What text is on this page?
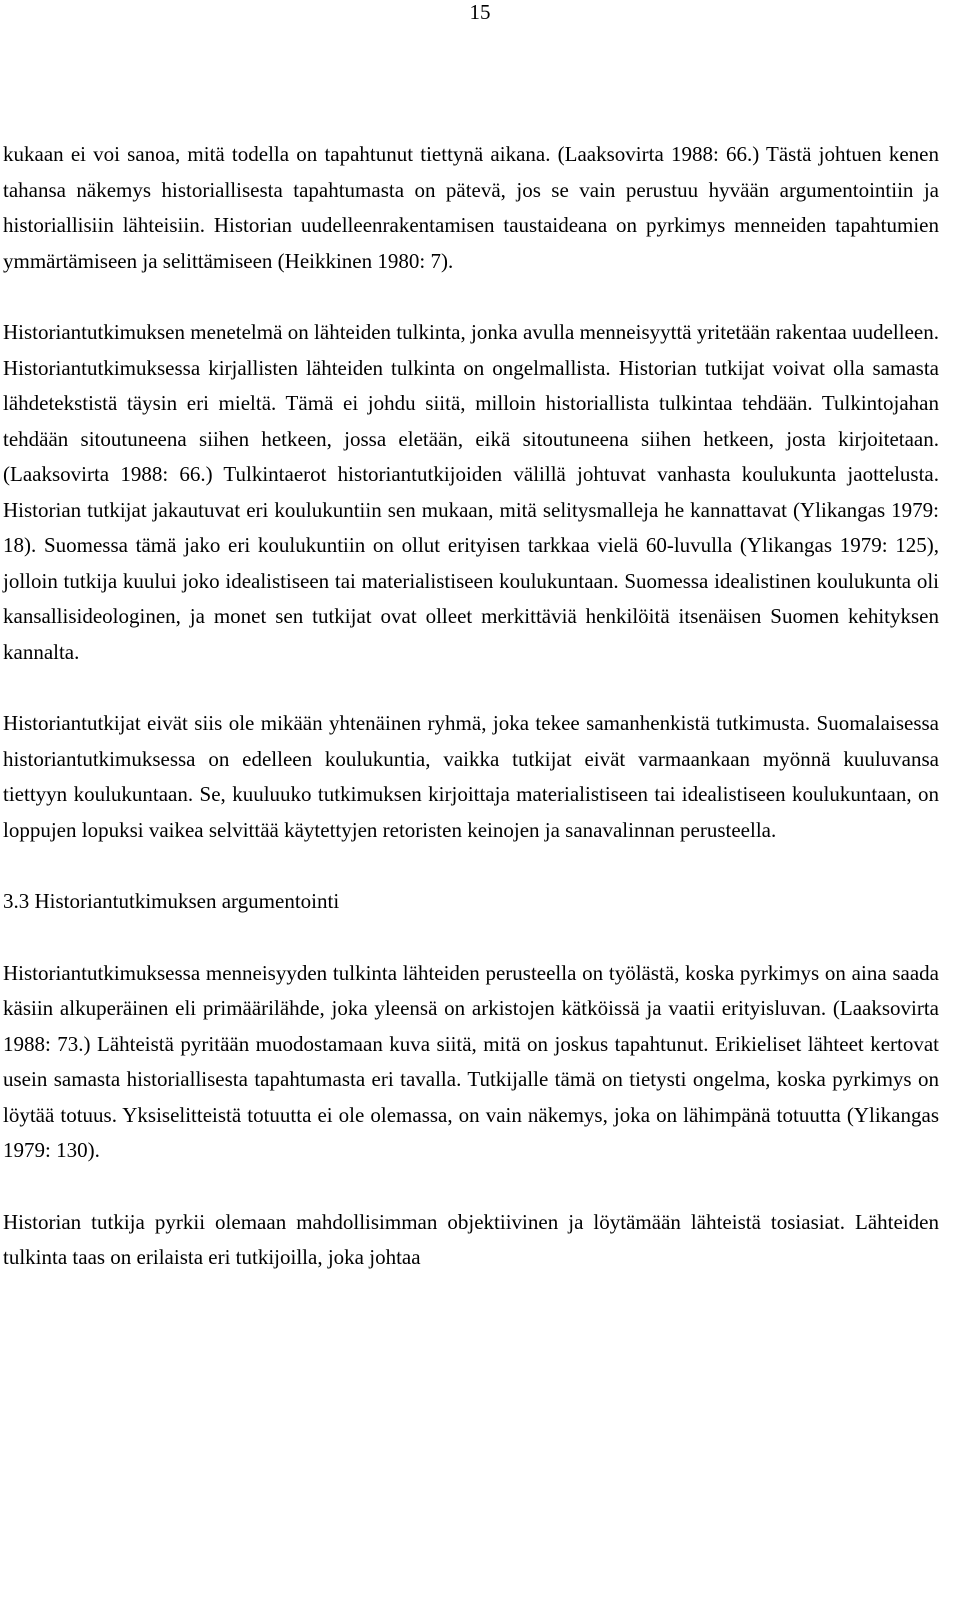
15

kukaan ei voi sanoa, mitä todella on tapahtunut tiettynä aikana. (Laaksovirta 1988: 66.) Tästä johtuen kenen tahansa näkemys historiallisesta tapahtumasta on pätevä, jos se vain perustuu hyvään argumentointiin ja historiallisiin lähteisiin. Historian uudelleenrakentamisen taustaideana on pyrkimys menneiden tapahtumien ymmärtämiseen ja selittämiseen (Heikkinen 1980: 7).

Historiantutkimuksen menetelmä on lähteiden tulkinta, jonka avulla menneisyyttä yritetään rakentaa uudelleen. Historiantutkimuksessa kirjallisten lähteiden tulkinta on ongelmallista. Historian tutkijat voivat olla samasta lähdetekstistä täysin eri mieltä. Tämä ei johdu siitä, milloin historiallista tulkintaa tehdään. Tulkintojahan tehdään sitoutuneena siihen hetkeen, jossa eletään, eikä sitoutuneena siihen hetkeen, josta kirjoitetaan. (Laaksovirta 1988: 66.) Tulkintaerot historiantutkijoiden välillä johtuvat vanhasta koulukunta jaottelusta. Historian tutkijat jakautuvat eri koulukuntiin sen mukaan, mitä selitysmalleja he kannattavat (Ylikangas 1979: 18). Suomessa tämä jako eri koulukuntiin on ollut erityisen tarkkaa vielä 60-luvulla (Ylikangas 1979: 125), jolloin tutkija kuului joko idealistiseen tai materialistiseen koulukuntaan. Suomessa idealistinen koulukunta oli kansallisideologinen, ja monet sen tutkijat ovat olleet merkittäviä henkilöitä itsenäisen Suomen kehityksen kannalta.

Historiantutkijat eivät siis ole mikään yhtenäinen ryhmä, joka tekee samanhenkistä tutkimusta. Suomalaisessa historiantutkimuksessa on edelleen koulukuntia, vaikka tutkijat eivät varmaankaan myönnä kuuluvansa tiettyyn koulukuntaan. Se, kuuluuko tutkimuksen kirjoittaja materialistiseen tai idealistiseen koulukuntaan, on loppujen lopuksi vaikea selvittää käytettyjen retoristen keinojen ja sanavalinnan perusteella.

3.3 Historiantutkimuksen argumentointi

Historiantutkimuksessa menneisyyden tulkinta lähteiden perusteella on työlästä, koska pyrkimys on aina saada käsiin alkuperäinen eli primäärilähde, joka yleensä on arkistojen kätköissä ja vaatii erityisluvan. (Laaksovirta 1988: 73.) Lähteistä pyritään muodostamaan kuva siitä, mitä on joskus tapahtunut. Erikieliset lähteet kertovat usein samasta historiallisesta tapahtumasta eri tavalla. Tutkijalle tämä on tietysti ongelma, koska pyrkimys on löytää totuus. Yksiselitteistä totuutta ei ole olemassa, on vain näkemys, joka on lähimpänä totuutta (Ylikangas 1979: 130).

Historian tutkija pyrkii olemaan mahdollisimman objektiivinen ja löytämään lähteistä tosiasiat. Lähteiden tulkinta taas on erilaista eri tutkijoilla, joka johtaa
